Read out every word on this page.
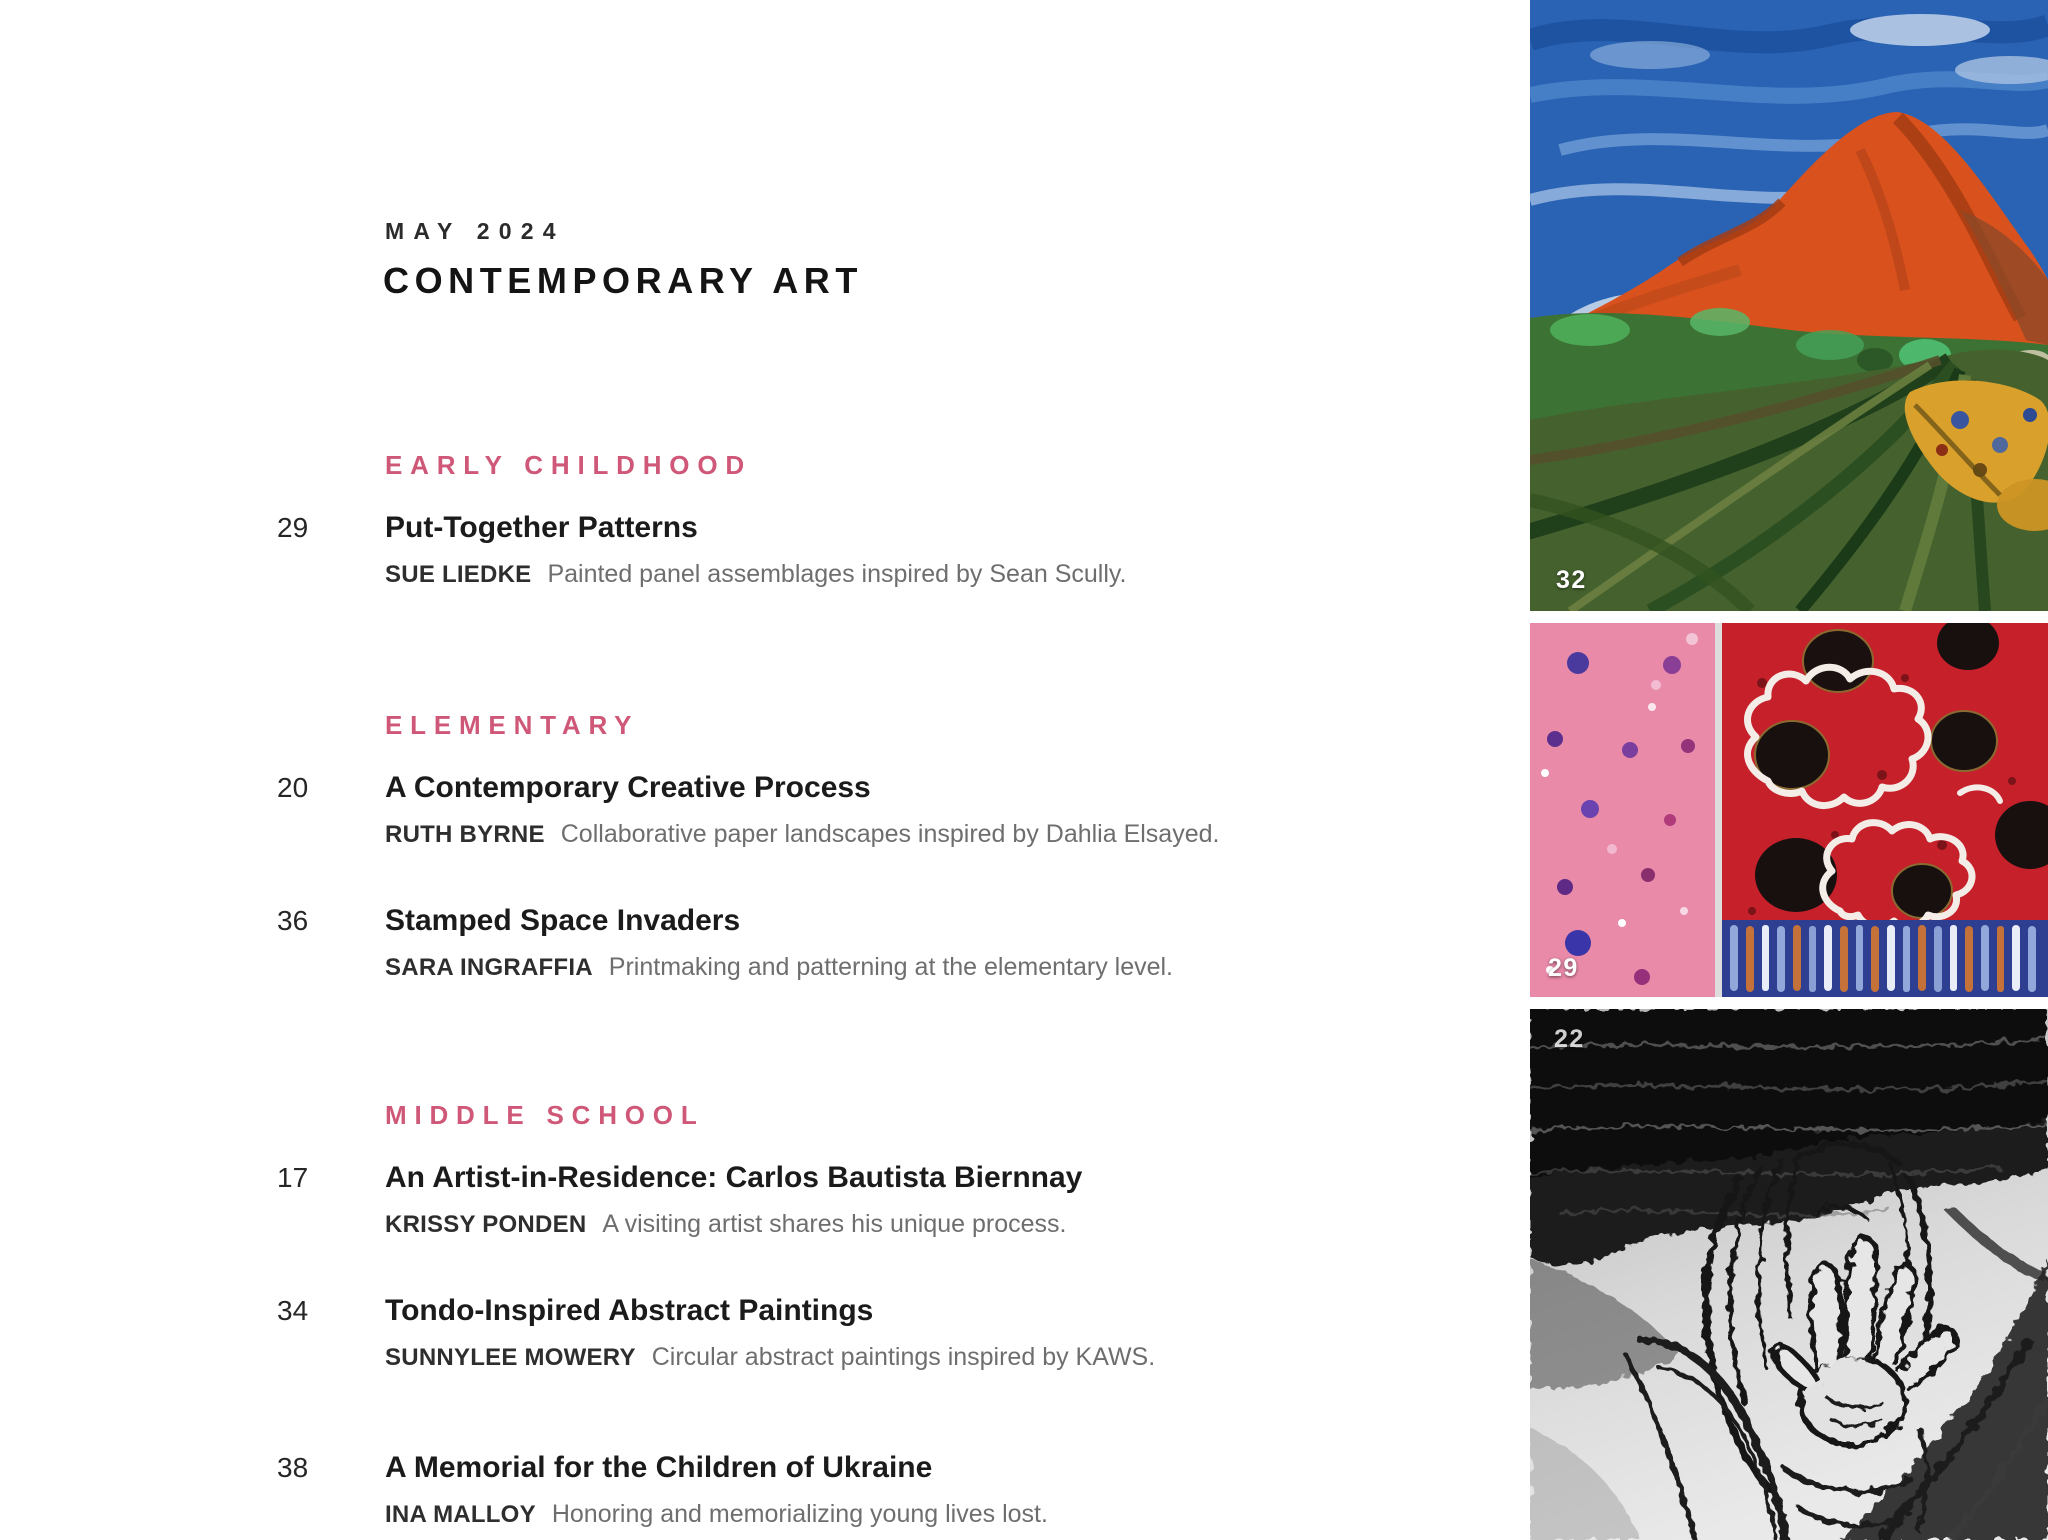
MAY 2024
CONTEMPORARY ART
EARLY CHILDHOOD
29	Put-Together Patterns
SUE LIEDKE Painted panel assemblages inspired by Sean Scully.
ELEMENTARY
20	A Contemporary Creative Process
RUTH BYRNE Collaborative paper landscapes inspired by Dahlia Elsayed.
36	Stamped Space Invaders
SARA INGRAFFIA Printmaking and patterning at the elementary level.
MIDDLE SCHOOL
17	An Artist-in-Residence: Carlos Bautista Biernnay
KRISSY PONDEN A visiting artist shares his unique process.
34	Tondo-Inspired Abstract Paintings
SUNNYLEE MOWERY Circular abstract paintings inspired by KAWS.
38	A Memorial for the Children of Ukraine
INA MALLOY Honoring and memorializing young lives lost.
32
29
22
